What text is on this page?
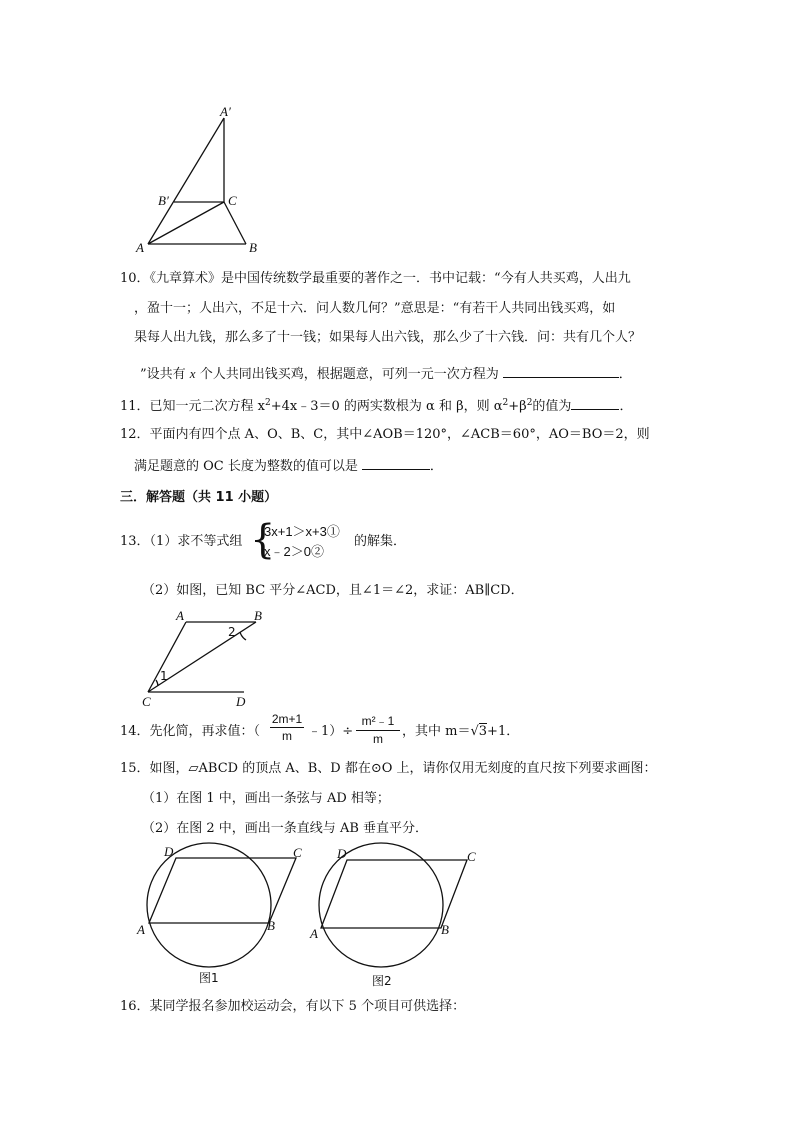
A′
B′	C
A	B
10．《九章算术》是中国传统数学最重要的著作之一．书中记载：“今有人共买鸡，人出九
，盈十一；人出六，不足十六．问人数几何？”意思是：“有若干人共同出钱买鸡，如
果每人出九钱，那么多了十一钱；如果每人出六钱，那么少了十六钱．问：共有几个人？
”设共有 x 个人共同出钱买鸡，根据题意，可列一元一次方程为	．
11．已知一元二次方程 $x^2+4x﹣3=0$ 的两实数根为 α 和 β，则 $\alpha^2+\beta^2$的值为	．
12．平面内有四个点 A、O、B、C，其中∠AOB＝120°，∠ACB＝60°，AO＝BO＝2，则
满足题意的 OC 长度为整数的值可以是	．
三．解答题（共 11 小题）
13．（1）求不等式组 {
3x+1＞x+3①
x﹣2＞0②
的解集．
（2）如图，已知 BC 平分∠ACD，且∠1＝∠2，求证：AB∥CD．
A	B
C	D
1
2
14．先化简，再求值：（
2m+1
m	﹣1）÷
m²﹣1
m	，其中 m＝√3+1．
15．如图，▱ABCD 的顶点 A、B、D 都在⊙O 上，请你仅用无刻度的直尺按下列要求画图：
（1）在图 1 中，画出一条弦与 AD 相等；
（2）在图 2 中，画出一条直线与 AB 垂直平分．
D	C
A	B
图1
D	C
A	B
图2
16．某同学报名参加校运动会，有以下 5 个项目可供选择：
